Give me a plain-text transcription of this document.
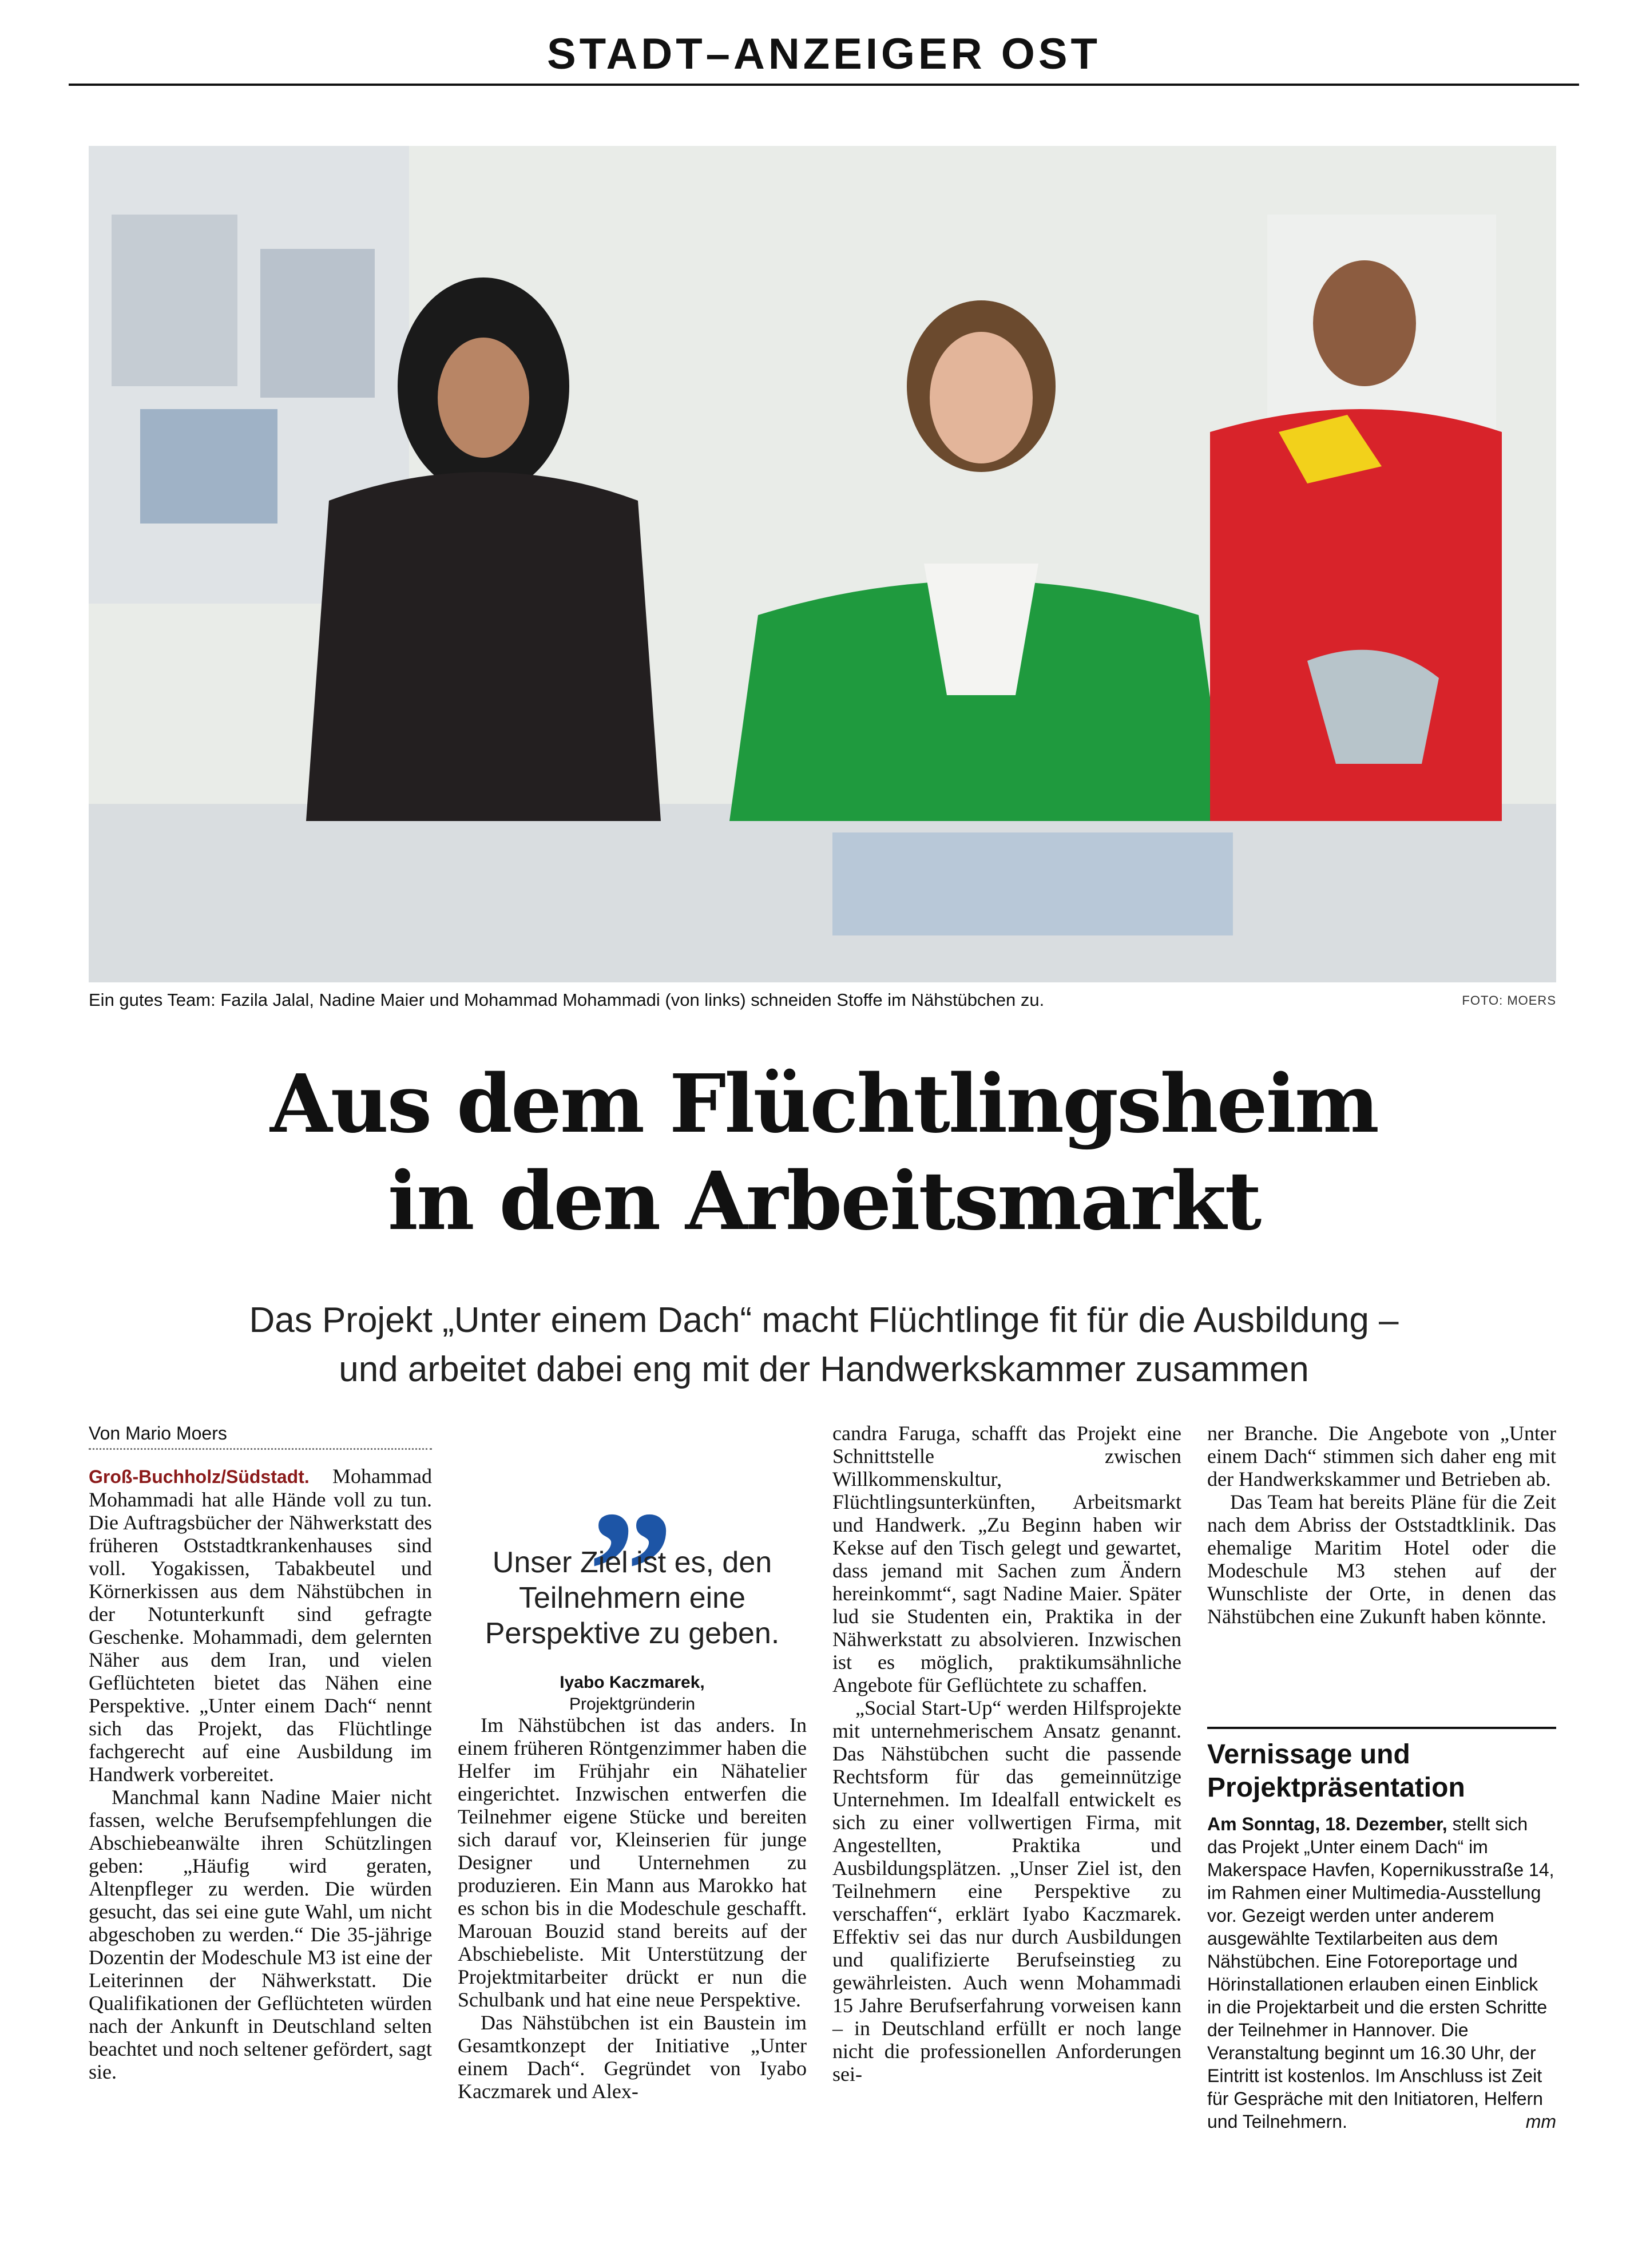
STADT–ANZEIGER OST
Ein gutes Team: Fazila Jalal, Nadine Maier und Mohammad Mohammadi (von links) schneiden Stoffe im Nähstübchen zu.	FOTO: MOERS
Aus dem Flüchtlingsheim
in den Arbeitsmarkt
Das Projekt „Unter einem Dach“ macht Flüchtlinge fit für die Ausbildung –
und arbeitet dabei eng mit der Handwerkskammer zusammen
Von Mario Moers

Groß-Buchholz/Südstadt. Mohammad Mohammadi hat alle Hände voll zu tun. Die Auftragsbücher der Nähwerkstatt des früheren Oststadtkrankenhauses sind voll. Yogakissen, Tabakbeutel und Körnerkissen aus dem Nähstübchen in der Notunterkunft sind gefragte Geschenke. Mohammadi, dem gelernten Näher aus dem Iran, und vielen Geflüchteten bietet das Nähen eine Perspektive. „Unter einem Dach“ nennt sich das Projekt, das Flüchtlinge fachgerecht auf eine Ausbildung im Handwerk vorbereitet.

Manchmal kann Nadine Maier nicht fassen, welche Berufsempfehlungen die Abschiebeanwälte ihren Schützlingen geben: „Häufig wird geraten, Altenpfleger zu werden. Die würden gesucht, das sei eine gute Wahl, um nicht abgeschoben zu werden.“ Die 35-jährige Dozentin der Modeschule M3 ist eine der Leiterinnen der Nähwerkstatt. Die Qualifikationen der Geflüchteten würden nach der Ankunft in Deutschland selten beachtet und noch seltener gefördert, sagt sie.

„
Unser Ziel ist es, den Teilnehmern eine Perspektive zu geben.
Iyabo Kaczmarek,
Projektgründerin

Im Nähstübchen ist das anders. In einem früheren Röntgenzimmer haben die Helfer im Frühjahr ein Nähatelier eingerichtet. Inzwischen entwerfen die Teilnehmer eigene Stücke und bereiten sich darauf vor, Kleinserien für junge Designer und Unternehmen zu produzieren. Ein Mann aus Marokko hat es schon bis in die Modeschule geschafft. Marouan Bouzid stand bereits auf der Abschiebeliste. Mit Unterstützung der Projektmitarbeiter drückt er nun die Schulbank und hat eine neue Perspektive.

Das Nähstübchen ist ein Baustein im Gesamtkonzept der Initiative „Unter einem Dach“. Gegründet von Iyabo Kaczmarek und Alex-

candra Faruga, schafft das Projekt eine Schnittstelle zwischen Willkommenskultur, Flüchtlingsunterkünften, Arbeitsmarkt und Handwerk. „Zu Beginn haben wir Kekse auf den Tisch gelegt und gewartet, dass jemand mit Sachen zum Ändern hereinkommt“, sagt Nadine Maier. Später lud sie Studenten ein, Praktika in der Nähwerkstatt zu absolvieren. Inzwischen ist es möglich, praktikumsähnliche Angebote für Geflüchtete zu schaffen.

„Social Start-Up“ werden Hilfsprojekte mit unternehmerischem Ansatz genannt. Das Nähstübchen sucht die passende Rechtsform für das gemeinnützige Unternehmen. Im Idealfall entwickelt es sich zu einer vollwertigen Firma, mit Angestellten, Praktika und Ausbildungsplätzen. „Unser Ziel ist, den Teilnehmern eine Perspektive zu verschaffen“, erklärt Iyabo Kaczmarek. Effektiv sei das nur durch Ausbildungen und qualifizierte Berufseinstieg zu gewährleisten. Auch wenn Mohammadi 15 Jahre Berufserfahrung vorweisen kann – in Deutschland erfüllt er noch lange nicht die professionellen Anforderungen sei-

ner Branche. Die Angebote von „Unter einem Dach“ stimmen sich daher eng mit der Handwerkskammer und Betrieben ab.

Das Team hat bereits Pläne für die Zeit nach dem Abriss der Oststadtklinik. Das ehemalige Maritim Hotel oder die Modeschule M3 stehen auf der Wunschliste der Orte, in denen das Nähstübchen eine Zukunft haben könnte.

Vernissage und
Projektpräsentation
Am Sonntag, 18. Dezember, stellt sich das Projekt „Unter einem Dach“ im Makerspace Havfen, Kopernikusstraße 14, im Rahmen einer Multimedia-Ausstellung vor. Gezeigt werden unter anderem ausgewählte Textilarbeiten aus dem Nähstübchen. Eine Fotoreportage und Hörinstallationen erlauben einen Einblick in die Projektarbeit und die ersten Schritte der Teilnehmer in Hannover. Die Veranstaltung beginnt um 16.30 Uhr, der Eintritt ist kostenlos. Im Anschluss ist Zeit für Gespräche mit den Initiatoren, Helfern und Teilnehmern.	mm
